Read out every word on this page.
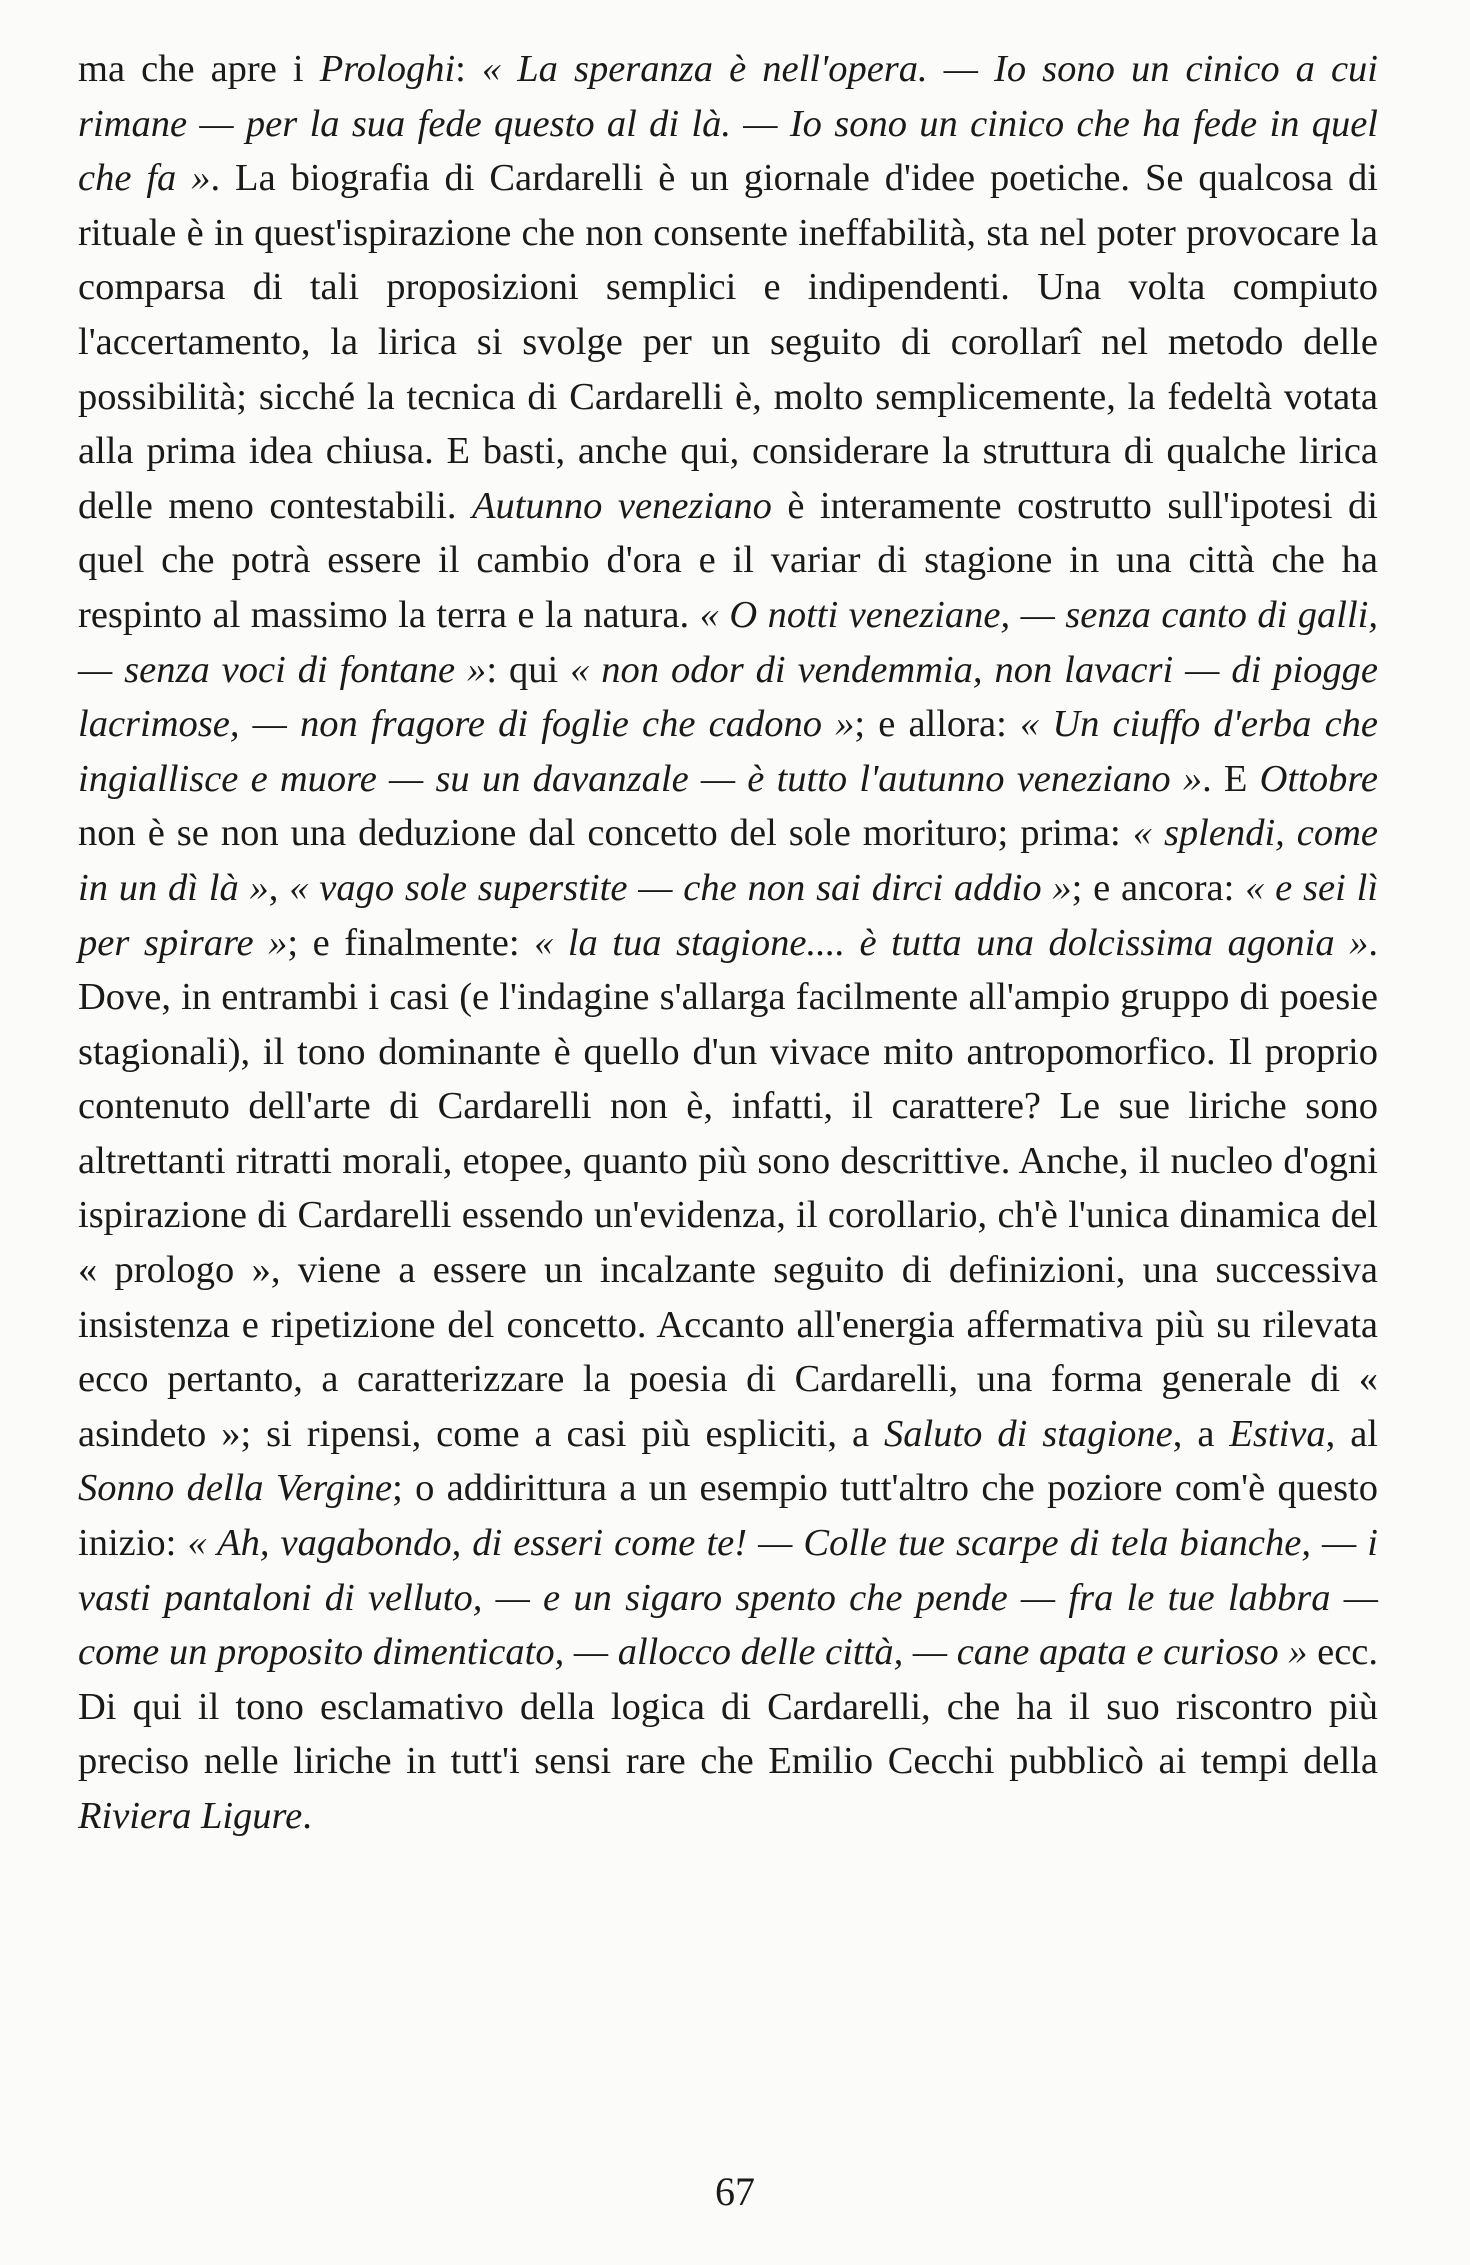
ma che apre i Prologhi: « La speranza è nell'opera. — Io sono un cinico a cui rimane — per la sua fede questo al di là. — Io sono un cinico che ha fede in quel che fa ». La biografia di Cardarelli è un giornale d'idee poetiche. Se qualcosa di rituale è in quest'ispirazione che non consente ineffabilità, sta nel poter provocare la comparsa di tali proposizioni semplici e indipendenti. Una volta compiuto l'accertamento, la lirica si svolge per un seguito di corollarî nel metodo delle possibilità; sicché la tecnica di Cardarelli è, molto semplicemente, la fedeltà votata alla prima idea chiusa. E basti, anche qui, considerare la struttura di qualche lirica delle meno contestabili. Autunno veneziano è interamente costrutto sull'ipotesi di quel che potrà essere il cambio d'ora e il variar di stagione in una città che ha respinto al massimo la terra e la natura. « O notti veneziane, — senza canto di galli, — senza voci di fontane »: qui « non odor di vendemmia, non lavacri — di piogge lacrimose, — non fragore di foglie che cadono »; e allora: « Un ciuffo d'erba che ingiallisce e muore — su un davanzale — è tutto l'autunno veneziano ». E Ottobre non è se non una deduzione dal concetto del sole moriturо; prima: « splendi, come in un dì là », « vago sole superstite — che non sai dirci addio »; e ancora: « e sei lì per spirare »; e finalmente: « la tua stagione.... è tutta una dolcissima agonia ». Dove, in entrambi i casi (e l'indagine s'allarga facilmente all'ampio gruppo di poesie stagionali), il tono dominante è quello d'un vivace mito antropomorfico. Il proprio contenuto dell'arte di Cardarelli non è, infatti, il carattere? Le sue liriche sono altrettanti ritratti morali, etopee, quanto più sono descrittive. Anche, il nucleo d'ogni ispirazione di Cardarelli essendo un'evidenza, il corollario, ch'è l'unica dinamica del « prologo », viene a essere un incalzante seguito di definizioni, una successiva insistenza e ripetizione del concetto. Accanto all'energia affermativa più su rilevata ecco pertanto, a caratterizzare la poesia di Cardarelli, una forma generale di « asindeto »; si ripensi, come a casi più espliciti, a Saluto di stagione, a Estiva, al Sonno della Vergine; o addirittura a un esempio tutt'altro che poziore com'è questo inizio: « Ah, vagabondo, di esseri come te! — Colle tue scarpe di tela bianche, — i vasti pantaloni di velluto, — e un sigaro spento che pende — fra le tue labbra — come un proposito dimenticato, — allocco delle città, — cane apata e curioso » ecc. Di qui il tono esclamativo della logica di Cardarelli, che ha il suo riscontro più preciso nelle liriche in tutt'i sensi rare che Emilio Cecchi pubblicò ai tempi della Riviera Ligure.
67
